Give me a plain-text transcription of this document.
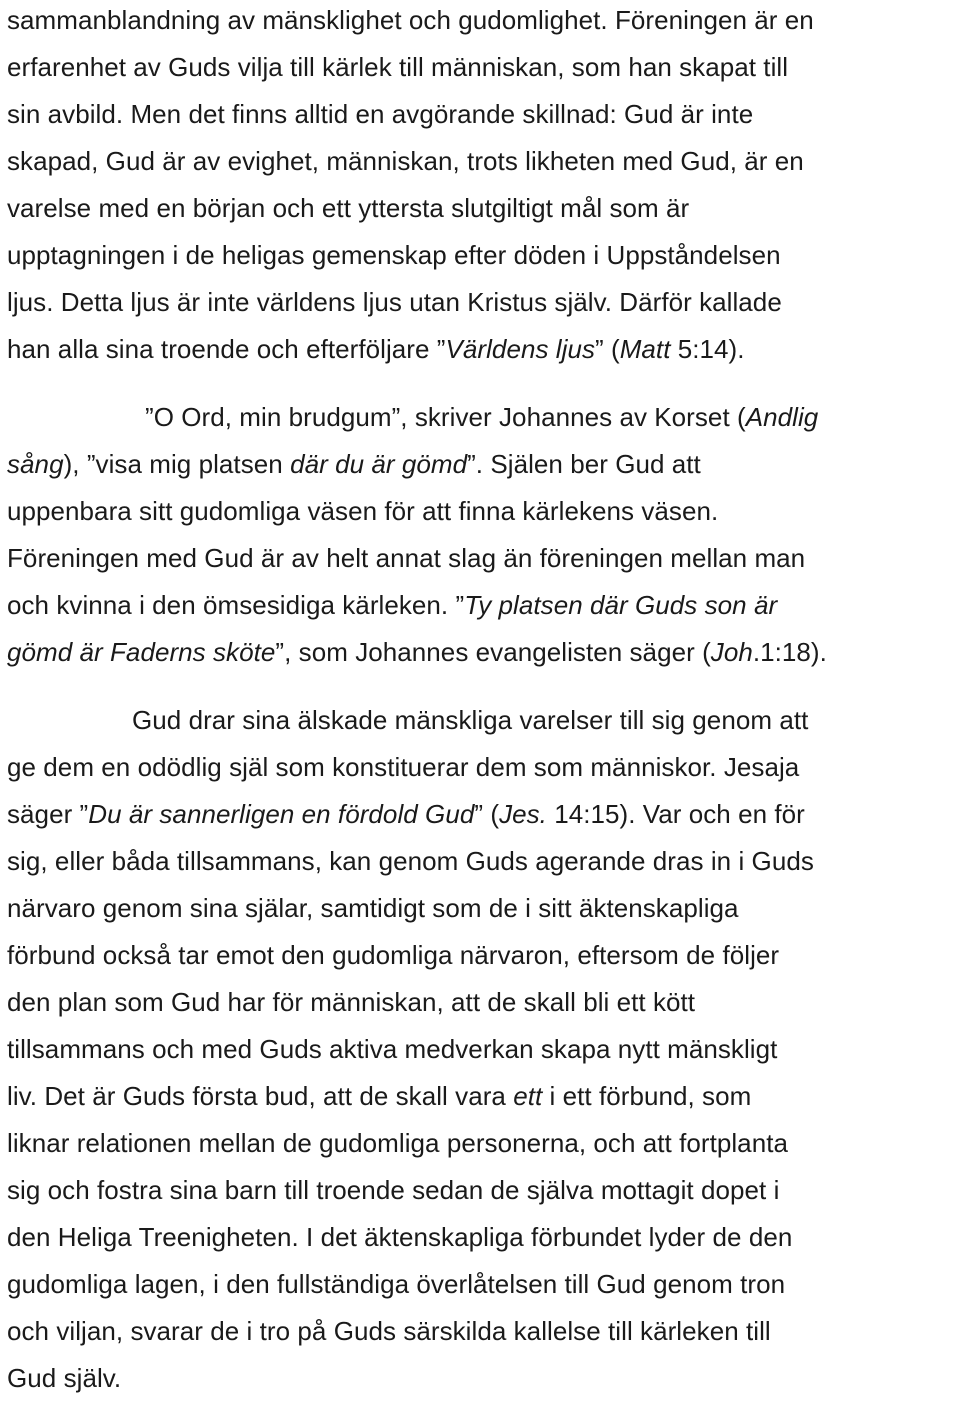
sammanblandning av mänsklighet och gudomlighet. Föreningen är en
erfarenhet av Guds vilja till kärlek till människan, som han skapat till
sin avbild. Men det finns alltid en avgörande skillnad: Gud är inte
skapad, Gud är av evighet, människan, trots likheten med Gud, är en
varelse med en början och ett yttersta slutgiltigt mål som är
upptagningen i de heligas gemenskap efter döden i Uppståndelsen
ljus. Detta ljus är inte världens ljus utan Kristus själv. Därför kallade
han alla sina troende och efterföljare ”Världens ljus” (Matt 5:14).
”O Ord, min brudgum”, skriver Johannes av Korset (Andlig
sång), ”visa mig platsen där du är gömd”. Själen ber Gud att
uppenbara sitt gudomliga väsen för att finna kärlekens väsen.
Föreningen med Gud är av helt annat slag än föreningen mellan man
och kvinna i den ömsesidiga kärleken. ”Ty platsen där Guds son är
gömd är Faderns sköte”, som Johannes evangelisten säger (Joh.1:18).
Gud drar sina älskade mänskliga varelser till sig genom att
ge dem en odödlig själ som konstituerar dem som människor. Jesaja
säger ”Du är sannerligen en fördold Gud” (Jes. 14:15). Var och en för
sig, eller båda tillsammans, kan genom Guds agerande dras in i Guds
närvaro genom sina själar, samtidigt som de i sitt äktenskapliga
förbund också tar emot den gudomliga närvaron, eftersom de följer
den plan som Gud har för människan, att de skall bli ett kött
tillsammans och med Guds aktiva medverkan skapa nytt mänskligt
liv. Det är Guds första bud, att de skall vara ett i ett förbund, som
liknar relationen mellan de gudomliga personerna, och att fortplanta
sig och fostra sina barn till troende sedan de själva mottagit dopet i
den Heliga Treenigheten. I det äktenskapliga förbundet lyder de den
gudomliga lagen, i den fullständiga överlåtelsen till Gud genom tron
och viljan, svarar de i tro på Guds särskilda kallelse till kärleken till
Gud själv.
